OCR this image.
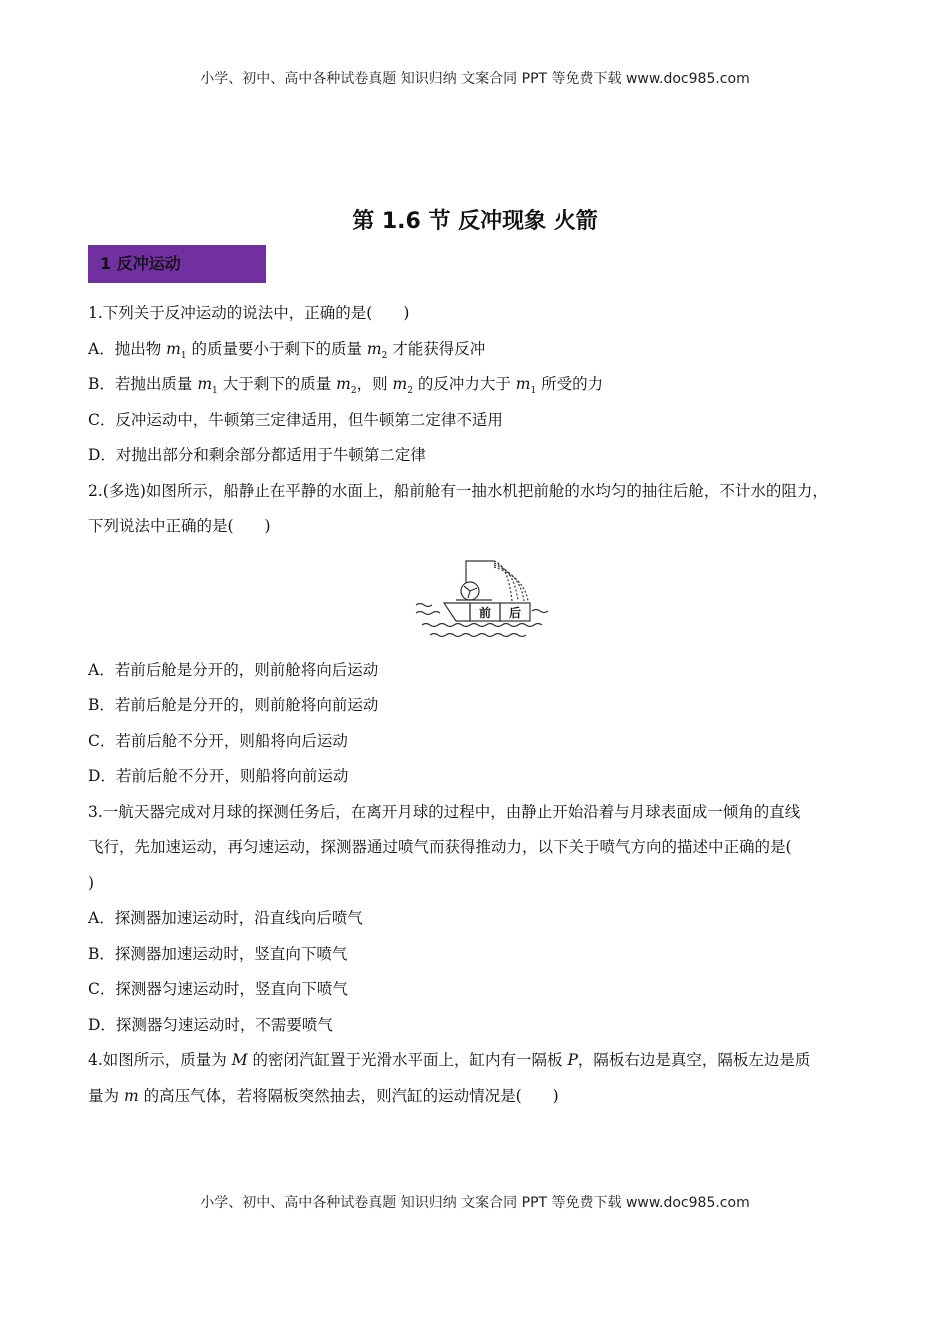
小学、初中、高中各种试卷真题 知识归纳 文案合同 PPT 等免费下载 www.doc985.com
第 1.6 节 反冲现象 火箭
1 反冲运动
1.下列关于反冲运动的说法中，正确的是(　　)
A．抛出物 $m_1$ 的质量要小于剩下的质量 $m_2$ 才能获得反冲
B．若抛出质量 $m_1$ 大于剩下的质量 $m_2$，则 $m_2$ 的反冲力大于 $m_1$ 所受的力
C．反冲运动中，牛顿第三定律适用，但牛顿第二定律不适用
D．对抛出部分和剩余部分都适用于牛顿第二定律
2.(多选)如图所示，船静止在平静的水面上，船前舱有一抽水机把前舱的水均匀的抽往后舱，不计水的阻力，
下列说法中正确的是(　　)
前 后
A．若前后舱是分开的，则前舱将向后运动
B．若前后舱是分开的，则前舱将向前运动
C．若前后舱不分开，则船将向后运动
D．若前后舱不分开，则船将向前运动
3.一航天器完成对月球的探测任务后，在离开月球的过程中，由静止开始沿着与月球表面成一倾角的直线
飞行，先加速运动，再匀速运动，探测器通过喷气而获得推动力，以下关于喷气方向的描述中正确的是(
)
A．探测器加速运动时，沿直线向后喷气
B．探测器加速运动时，竖直向下喷气
C．探测器匀速运动时，竖直向下喷气
D．探测器匀速运动时，不需要喷气
4.如图所示，质量为 M 的密闭汽缸置于光滑水平面上，缸内有一隔板 P，隔板右边是真空，隔板左边是质
量为 m 的高压气体，若将隔板突然抽去，则汽缸的运动情况是(　　)
小学、初中、高中各种试卷真题 知识归纳 文案合同 PPT 等免费下载 www.doc985.com
